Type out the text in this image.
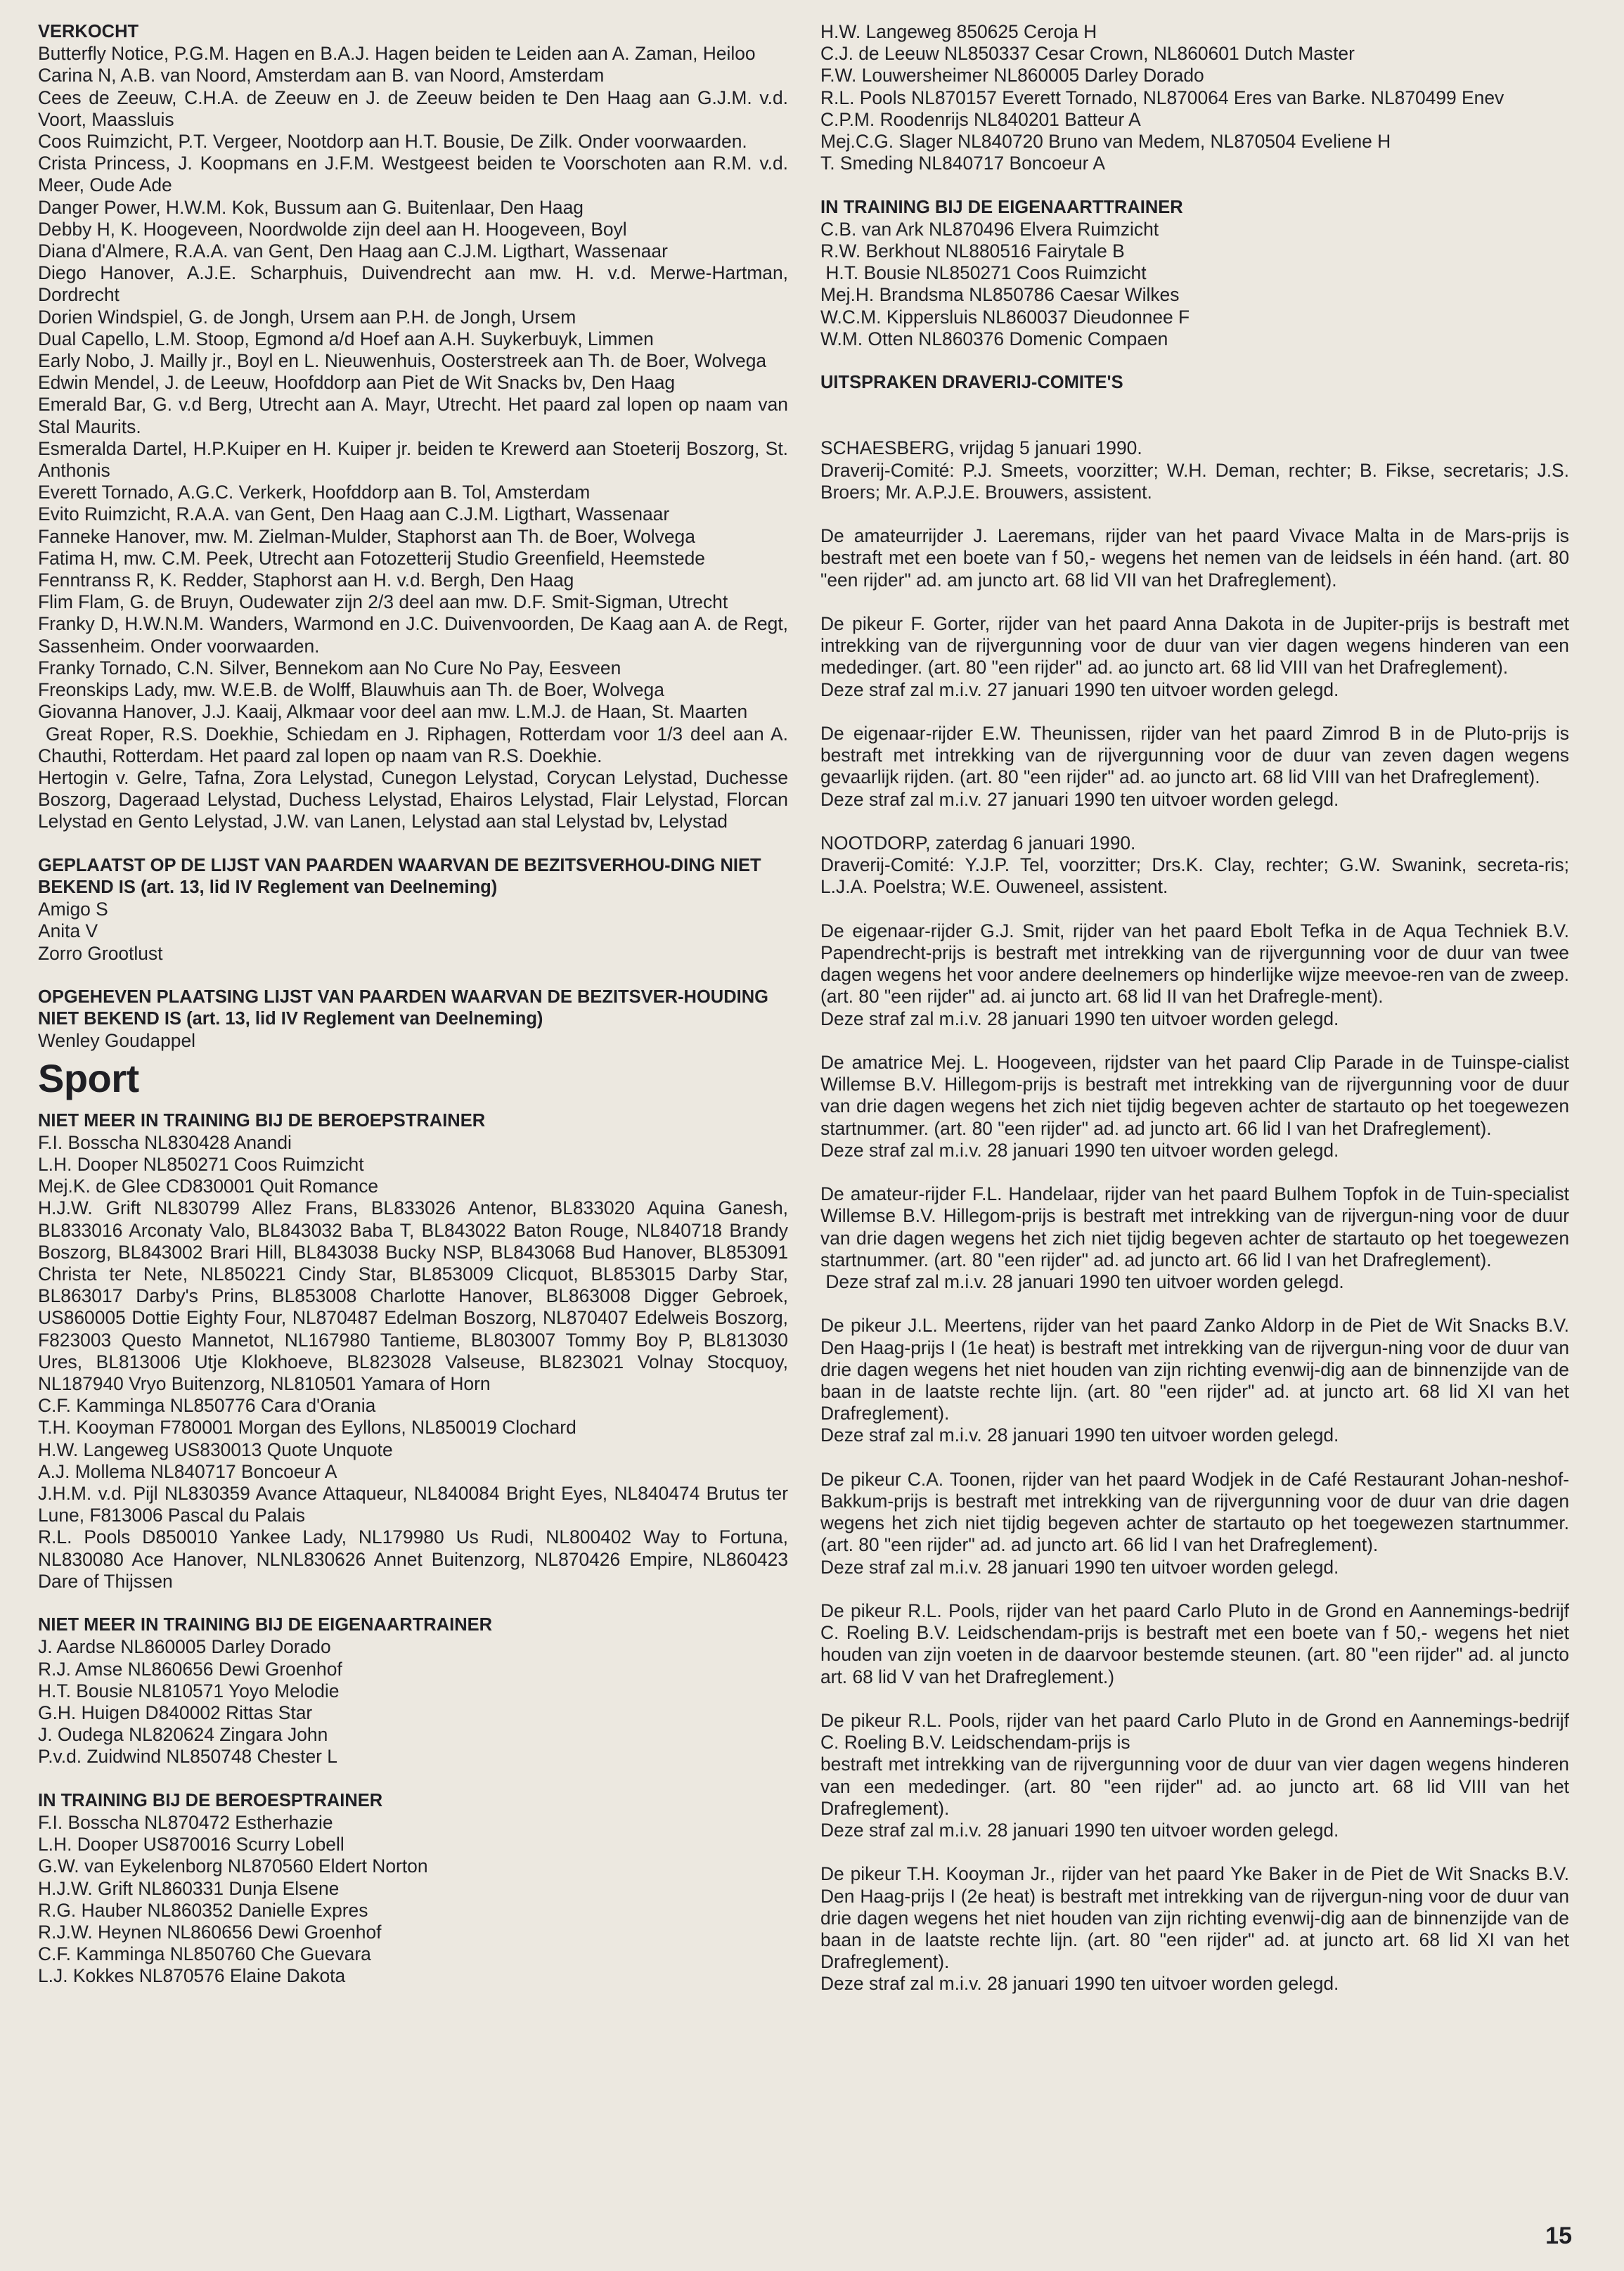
VERKOCHT
Butterfly Notice, P.G.M. Hagen en B.A.J. Hagen beiden te Leiden aan A. Zaman, Heiloo
Carina N, A.B. van Noord, Amsterdam aan B. van Noord, Amsterdam
Cees de Zeeuw, C.H.A. de Zeeuw en J. de Zeeuw beiden te Den Haag aan G.J.M. v.d. Voort, Maassluis
Coos Ruimzicht, P.T. Vergeer, Nootdorp aan H.T. Bousie, De Zilk. Onder voorwaarden.
Crista Princess, J. Koopmans en J.F.M. Westgeest beiden te Voorschoten aan R.M. v.d. Meer, Oude Ade
Danger Power, H.W.M. Kok, Bussum aan G. Buitenlaar, Den Haag
Debby H, K. Hoogeveen, Noordwolde zijn deel aan H. Hoogeveen, Boyl
Diana d'Almere, R.A.A. van Gent, Den Haag aan C.J.M. Ligthart, Wassenaar
Diego Hanover, A.J.E. Scharphuis, Duivendrecht aan mw. H. v.d. Merwe-Hartman, Dordrecht
Dorien Windspiel, G. de Jongh, Ursem aan P.H. de Jongh, Ursem
Dual Capello, L.M. Stoop, Egmond a/d Hoef aan A.H. Suykerbuyk, Limmen
Early Nobo, J. Mailly jr., Boyl en L. Nieuwenhuis, Oosterstreek aan Th. de Boer, Wolvega
Edwin Mendel, J. de Leeuw, Hoofddorp aan Piet de Wit Snacks bv, Den Haag
Emerald Bar, G. v.d Berg, Utrecht aan A. Mayr, Utrecht. Het paard zal lopen op naam van Stal Maurits.
Esmeralda Dartel, H.P.Kuiper en H. Kuiper jr. beiden te Krewerd aan Stoeterij Boszorg, St. Anthonis
Everett Tornado, A.G.C. Verkerk, Hoofddorp aan B. Tol, Amsterdam
Evito Ruimzicht, R.A.A. van Gent, Den Haag aan C.J.M. Ligthart, Wassenaar
Fanneke Hanover, mw. M. Zielman-Mulder, Staphorst aan Th. de Boer, Wolvega
Fatima H, mw. C.M. Peek, Utrecht aan Fotozetterij Studio Greenfield, Heemstede
Fenntranss R, K. Redder, Staphorst aan H. v.d. Bergh, Den Haag
Flim Flam, G. de Bruyn, Oudewater zijn 2/3 deel aan mw. D.F. Smit-Sigman, Utrecht
Franky D, H.W.N.M. Wanders, Warmond en J.C. Duivenvoorden, De Kaag aan A. de Regt, Sassenheim. Onder voorwaarden.
Franky Tornado, C.N. Silver, Bennekom aan No Cure No Pay, Eesveen
Freonskips Lady, mw. W.E.B. de Wolff, Blauwhuis aan Th. de Boer, Wolvega
Giovanna Hanover, J.J. Kaaij, Alkmaar voor deel aan mw. L.M.J. de Haan, St. Maarten
Great Roper, R.S. Doekhie, Schiedam en J. Riphagen, Rotterdam voor 1/3 deel aan A. Chauthi, Rotterdam. Het paard zal lopen op naam van R.S. Doekhie.
Hertogin v. Gelre, Tafna, Zora Lelystad, Cunegon Lelystad, Corycan Lelystad, Duchesse Boszorg, Dageraad Lelystad, Duchess Lelystad, Ehairos Lelystad, Flair Lelystad, Florcan Lelystad en Gento Lelystad, J.W. van Lanen, Lelystad aan stal Lelystad bv, Lelystad
GEPLAATST OP DE LIJST VAN PAARDEN WAARVAN DE BEZITSVERHOU-DING NIET BEKEND IS (art. 13, lid IV Reglement van Deelneming)
Amigo S
Anita V
Zorro Grootlust
OPGEHEVEN PLAATSING LIJST VAN PAARDEN WAARVAN DE BEZITSVER-HOUDING NIET BEKEND IS (art. 13, lid IV Reglement van Deelneming)
Wenley Goudappel
Sport
NIET MEER IN TRAINING BIJ DE BEROEPSTRAINER
F.I. Bosscha NL830428 Anandi
L.H. Dooper NL850271 Coos Ruimzicht
Mej.K. de Glee CD830001 Quit Romance
H.J.W. Grift NL830799 Allez Frans, BL833026 Antenor, BL833020 Aquina Ganesh, BL833016 Arconaty Valo, BL843032 Baba T, BL843022 Baton Rouge, NL840718 Brandy Boszorg, BL843002 Brari Hill, BL843038 Bucky NSP, BL843068 Bud Hanover, BL853091 Christa ter Nete, NL850221 Cindy Star, BL853009 Clicquot, BL853015 Darby Star, BL863017 Darby's Prins, BL853008 Charlotte Hanover, BL863008 Digger Gebroek, US860005 Dottie Eighty Four, NL870487 Edelman Boszorg, NL870407 Edelweis Boszorg, F823003 Questo Mannetot, NL167980 Tantieme, BL803007 Tommy Boy P, BL813030 Ures, BL813006 Utje Klokhoeve, BL823028 Valseuse, BL823021 Volnay Stocquoy, NL187940 Vryo Buitenzorg, NL810501 Yamara of Horn
C.F. Kamminga NL850776 Cara d'Orania
T.H. Kooyman F780001 Morgan des Eyllons, NL850019 Clochard
H.W. Langeweg US830013 Quote Unquote
A.J. Mollema NL840717 Boncoeur A
J.H.M. v.d. Pijl NL830359 Avance Attaqueur, NL840084 Bright Eyes, NL840474 Brutus ter Lune, F813006 Pascal du Palais
R.L. Pools D850010 Yankee Lady, NL179980 Us Rudi, NL800402 Way to Fortuna, NL830080 Ace Hanover, NLNL830626 Annet Buitenzorg, NL870426 Empire, NL860423 Dare of Thijssen
NIET MEER IN TRAINING BIJ DE EIGENAARTRAINER
J. Aardse NL860005 Darley Dorado
R.J. Amse NL860656 Dewi Groenhof
H.T. Bousie NL810571 Yoyo Melodie
G.H. Huigen D840002 Rittas Star
J. Oudega NL820624 Zingara John
P.v.d. Zuidwind NL850748 Chester L
IN TRAINING BIJ DE BEROESPTRAINER
F.I. Bosscha NL870472 Estherhazie
L.H. Dooper US870016 Scurry Lobell
G.W. van Eykelenborg NL870560 Eldert Norton
H.J.W. Grift NL860331 Dunja Elsene
R.G. Hauber NL860352 Danielle Expres
R.J.W. Heynen NL860656 Dewi Groenhof
C.F. Kamminga NL850760 Che Guevara
L.J. Kokkes NL870576 Elaine Dakota
H.W. Langeweg 850625 Ceroja H
C.J. de Leeuw NL850337 Cesar Crown, NL860601 Dutch Master
F.W. Louwersheimer NL860005 Darley Dorado
R.L. Pools NL870157 Everett Tornado, NL870064 Eres van Barke. NL870499 Enev
C.P.M. Roodenrijs NL840201 Batteur A
Mej.C.G. Slager NL840720 Bruno van Medem, NL870504 Eveliene H
T. Smeding NL840717 Boncoeur A
IN TRAINING BIJ DE EIGENAARTTRAINER
C.B. van Ark NL870496 Elvera Ruimzicht
R.W. Berkhout NL880516 Fairytale B
H.T. Bousie NL850271 Coos Ruimzicht
Mej.H. Brandsma NL850786 Caesar Wilkes
W.C.M. Kippersluis NL860037 Dieudonnee F
W.M. Otten NL860376 Domenic Compaen
UITSPRAKEN DRAVERIJ-COMITE'S
SCHAESBERG, vrijdag 5 januari 1990.
Draverij-Comité: P.J. Smeets, voorzitter; W.H. Deman, rechter; B. Fikse, secretaris; J.S. Broers; Mr. A.P.J.E. Brouwers, assistent.
De amateurrijder J. Laeremans, rijder van het paard Vivace Malta in de Mars-prijs is bestraft met een boete van f 50,- wegens het nemen van de leidsels in één hand. (art. 80 "een rijder" ad. am juncto art. 68 lid VII van het Drafreglement).
De pikeur F. Gorter, rijder van het paard Anna Dakota in de Jupiter-prijs is bestraft met intrekking van de rijvergunning voor de duur van vier dagen wegens hinderen van een mededinger. (art. 80 "een rijder" ad. ao juncto art. 68 lid VIII van het Drafreglement).
Deze straf zal m.i.v. 27 januari 1990 ten uitvoer worden gelegd.
De eigenaar-rijder E.W. Theunissen, rijder van het paard Zimrod B in de Pluto-prijs is bestraft met intrekking van de rijvergunning voor de duur van zeven dagen wegens gevaarlijk rijden. (art. 80 "een rijder" ad. ao juncto art. 68 lid VIII van het Drafreglement).
Deze straf zal m.i.v. 27 januari 1990 ten uitvoer worden gelegd.
NOOTDORP, zaterdag 6 januari 1990.
Draverij-Comité: Y.J.P. Tel, voorzitter; Drs.K. Clay, rechter; G.W. Swanink, secreta-ris; L.J.A. Poelstra; W.E. Ouweneel, assistent.
De eigenaar-rijder G.J. Smit, rijder van het paard Ebolt Tefka in de Aqua Techniek B.V. Papendrecht-prijs is bestraft met intrekking van de rijvergunning voor de duur van twee dagen wegens het voor andere deelnemers op hinderlijke wijze meevoe-ren van de zweep. (art. 80 "een rijder" ad. ai juncto art. 68 lid II van het Drafregle-ment).
Deze straf zal m.i.v. 28 januari 1990 ten uitvoer worden gelegd.
De amatrice Mej. L. Hoogeveen, rijdster van het paard Clip Parade in de Tuinspe-cialist Willemse B.V. Hillegom-prijs is bestraft met intrekking van de rijvergunning voor de duur van drie dagen wegens het zich niet tijdig begeven achter de startauto op het toegewezen startnummer. (art. 80 "een rijder" ad. ad juncto art. 66 lid I van het Drafreglement).
Deze straf zal m.i.v. 28 januari 1990 ten uitvoer worden gelegd.
De amateur-rijder F.L. Handelaar, rijder van het paard Bulhem Topfok in de Tuin-specialist Willemse B.V. Hillegom-prijs is bestraft met intrekking van de rijvergun-ning voor de duur van drie dagen wegens het zich niet tijdig begeven achter de startauto op het toegewezen startnummer. (art. 80 "een rijder" ad. ad juncto art. 66 lid I van het Drafreglement).
Deze straf zal m.i.v. 28 januari 1990 ten uitvoer worden gelegd.
De pikeur J.L. Meertens, rijder van het paard Zanko Aldorp in de Piet de Wit Snacks B.V. Den Haag-prijs I (1e heat) is bestraft met intrekking van de rijvergun-ning voor de duur van drie dagen wegens het niet houden van zijn richting evenwij-dig aan de binnenzijde van de baan in de laatste rechte lijn. (art. 80 "een rijder" ad. at juncto art. 68 lid XI van het Drafreglement).
Deze straf zal m.i.v. 28 januari 1990 ten uitvoer worden gelegd.
De pikeur C.A. Toonen, rijder van het paard Wodjek in de Café Restaurant Johan-neshof-Bakkum-prijs is bestraft met intrekking van de rijvergunning voor de duur van drie dagen wegens het zich niet tijdig begeven achter de startauto op het toegewezen startnummer. (art. 80 "een rijder" ad. ad juncto art. 66 lid I van het Drafreglement).
Deze straf zal m.i.v. 28 januari 1990 ten uitvoer worden gelegd.
De pikeur R.L. Pools, rijder van het paard Carlo Pluto in de Grond en Aannemings-bedrijf C. Roeling B.V. Leidschendam-prijs is bestraft met een boete van f 50,- wegens het niet houden van zijn voeten in de daarvoor bestemde steunen. (art. 80 "een rijder" ad. al juncto art. 68 lid V van het Drafreglement.)
De pikeur R.L. Pools, rijder van het paard Carlo Pluto in de Grond en Aannemings-bedrijf C. Roeling B.V. Leidschendam-prijs is
bestraft met intrekking van de rijvergunning voor de duur van vier dagen wegens hinderen van een mededinger. (art. 80 "een rijder" ad. ao juncto art. 68 lid VIII van het Drafreglement).
Deze straf zal m.i.v. 28 januari 1990 ten uitvoer worden gelegd.
De pikeur T.H. Kooyman Jr., rijder van het paard Yke Baker in de Piet de Wit Snacks B.V. Den Haag-prijs I (2e heat) is bestraft met intrekking van de rijvergun-ning voor de duur van drie dagen wegens het niet houden van zijn richting evenwij-dig aan de binnenzijde van de baan in de laatste rechte lijn. (art. 80 "een rijder" ad. at juncto art. 68 lid XI van het Drafreglement).
Deze straf zal m.i.v. 28 januari 1990 ten uitvoer worden gelegd.
15
